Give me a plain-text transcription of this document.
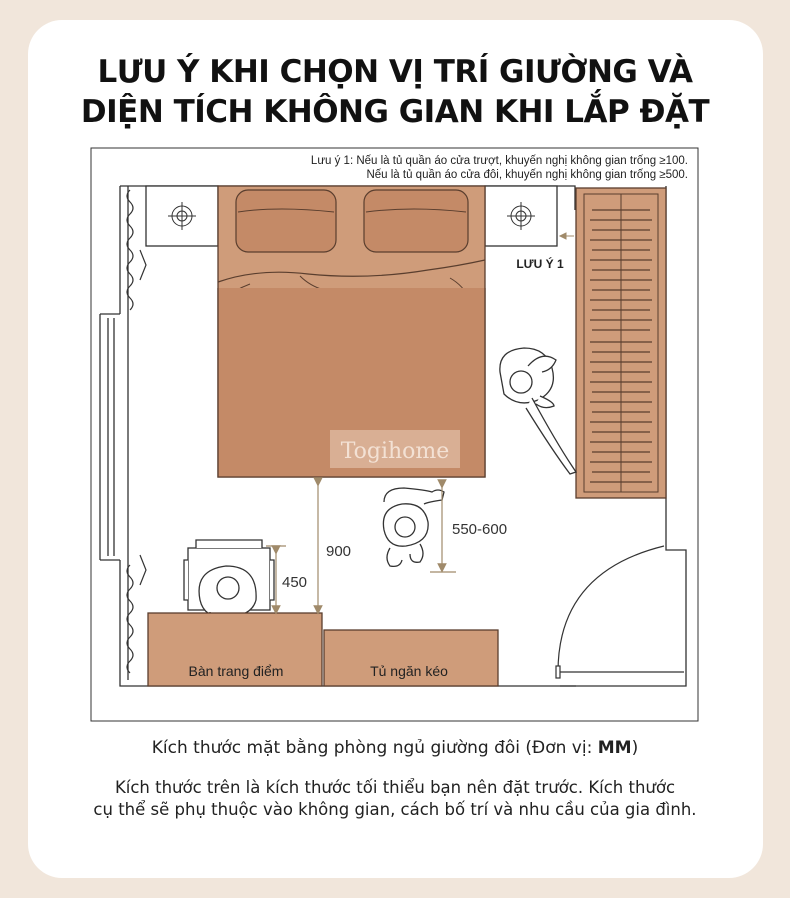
LƯU Ý KHI CHỌN VỊ TRÍ GIƯỜNG VÀ
DIỆN TÍCH KHÔNG GIAN KHI LẮP ĐẶT
Togihome
LƯU Ý 1
Lưu ý 1: Nếu là tủ quần áo cửa trượt, khuyến nghị không gian trống ≥100.
Nếu là tủ quần áo cửa đôi, khuyến nghị không gian trống ≥500.
Bàn trang điểm	Tủ ngăn kéo
900
450
550-600
Kích thước mặt bằng phòng ngủ giường đôi (Đơn vị: MM)
Kích thước trên là kích thước tối thiểu bạn nên đặt trước. Kích thước
cụ thể sẽ phụ thuộc vào không gian, cách bố trí và nhu cầu của gia đình.
